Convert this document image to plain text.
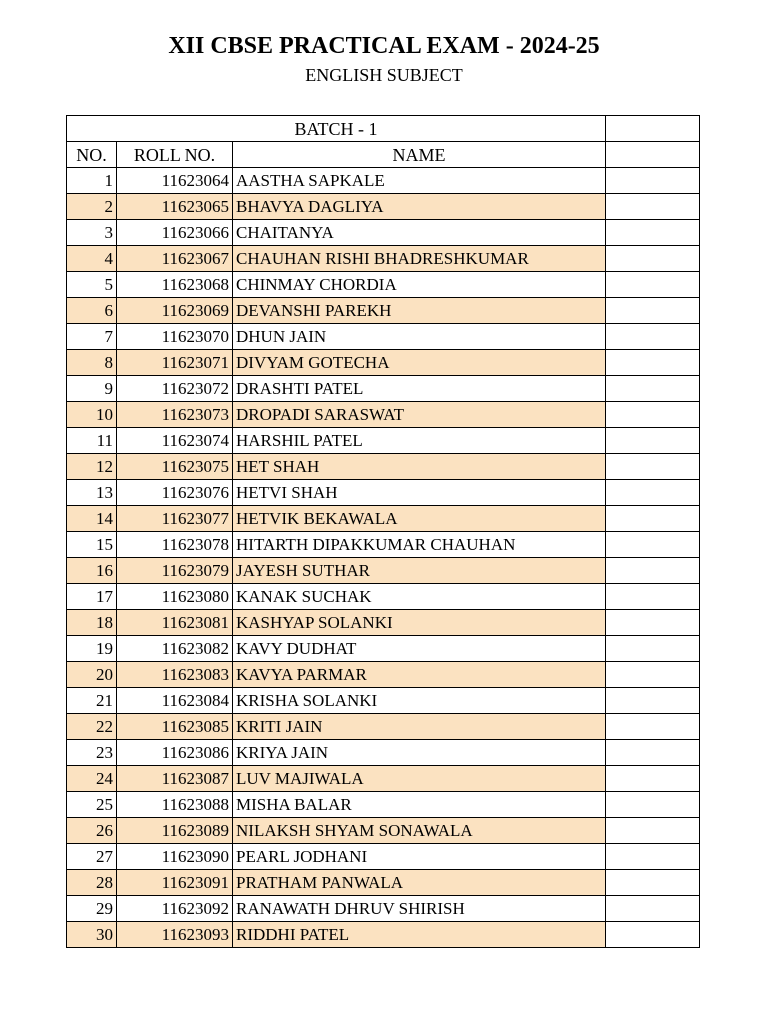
XII CBSE PRACTICAL EXAM - 2024-25
ENGLISH SUBJECT
BATCH - 1			
NO.	ROLL NO.	NAME	
1	11623064	AASTHA SAPKALE	
2	11623065	BHAVYA DAGLIYA	
3	11623066	CHAITANYA	
4	11623067	CHAUHAN RISHI BHADRESHKUMAR	
5	11623068	CHINMAY CHORDIA	
6	11623069	DEVANSHI PAREKH	
7	11623070	DHUN JAIN	
8	11623071	DIVYAM GOTECHA	
9	11623072	DRASHTI PATEL	
10	11623073	DROPADI SARASWAT	
11	11623074	HARSHIL PATEL	
12	11623075	HET SHAH	
13	11623076	HETVI SHAH	
14	11623077	HETVIK BEKAWALA	
15	11623078	HITARTH DIPAKKUMAR CHAUHAN	
16	11623079	JAYESH SUTHAR	
17	11623080	KANAK SUCHAK	
18	11623081	KASHYAP SOLANKI	
19	11623082	KAVY DUDHAT	
20	11623083	KAVYA PARMAR	
21	11623084	KRISHA SOLANKI	
22	11623085	KRITI JAIN	
23	11623086	KRIYA JAIN	
24	11623087	LUV MAJIWALA	
25	11623088	MISHA BALAR	
26	11623089	NILAKSH SHYAM SONAWALA	
27	11623090	PEARL JODHANI	
28	11623091	PRATHAM PANWALA	
29	11623092	RANAWATH DHRUV SHIRISH	
30	11623093	RIDDHI PATEL	
